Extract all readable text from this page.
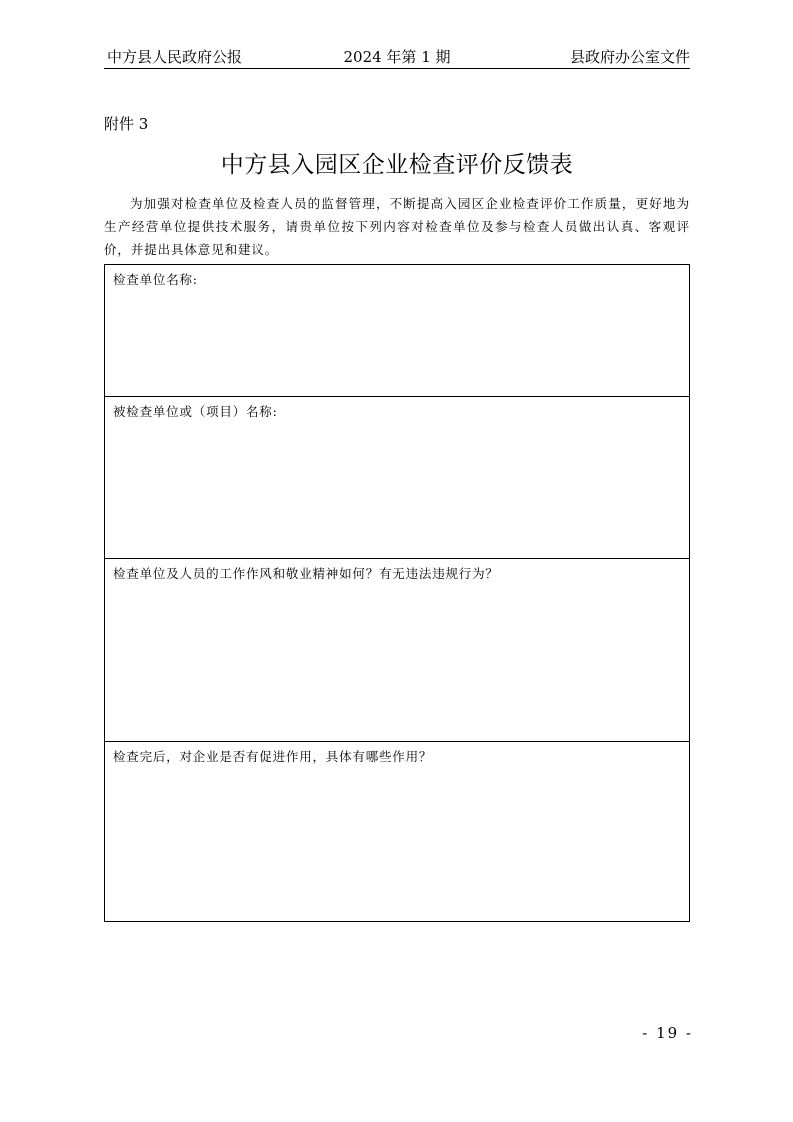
中方县人民政府公报	2024 年第 1 期	县政府办公室文件
附件 3
中方县入园区企业检查评价反馈表
为加强对检查单位及检查人员的监督管理，不断提高入园区企业检查评价工作质量，更好地为生产经营单位提供技术服务，请贵单位按下列内容对检查单位及参与检查人员做出认真、客观评价，并提出具体意见和建议。
检查单位名称:
被检查单位或（项目）名称:
检查单位及人员的工作作风和敬业精神如何？有无违法违规行为？
检查完后，对企业是否有促进作用，具体有哪些作用？
- 19 -
